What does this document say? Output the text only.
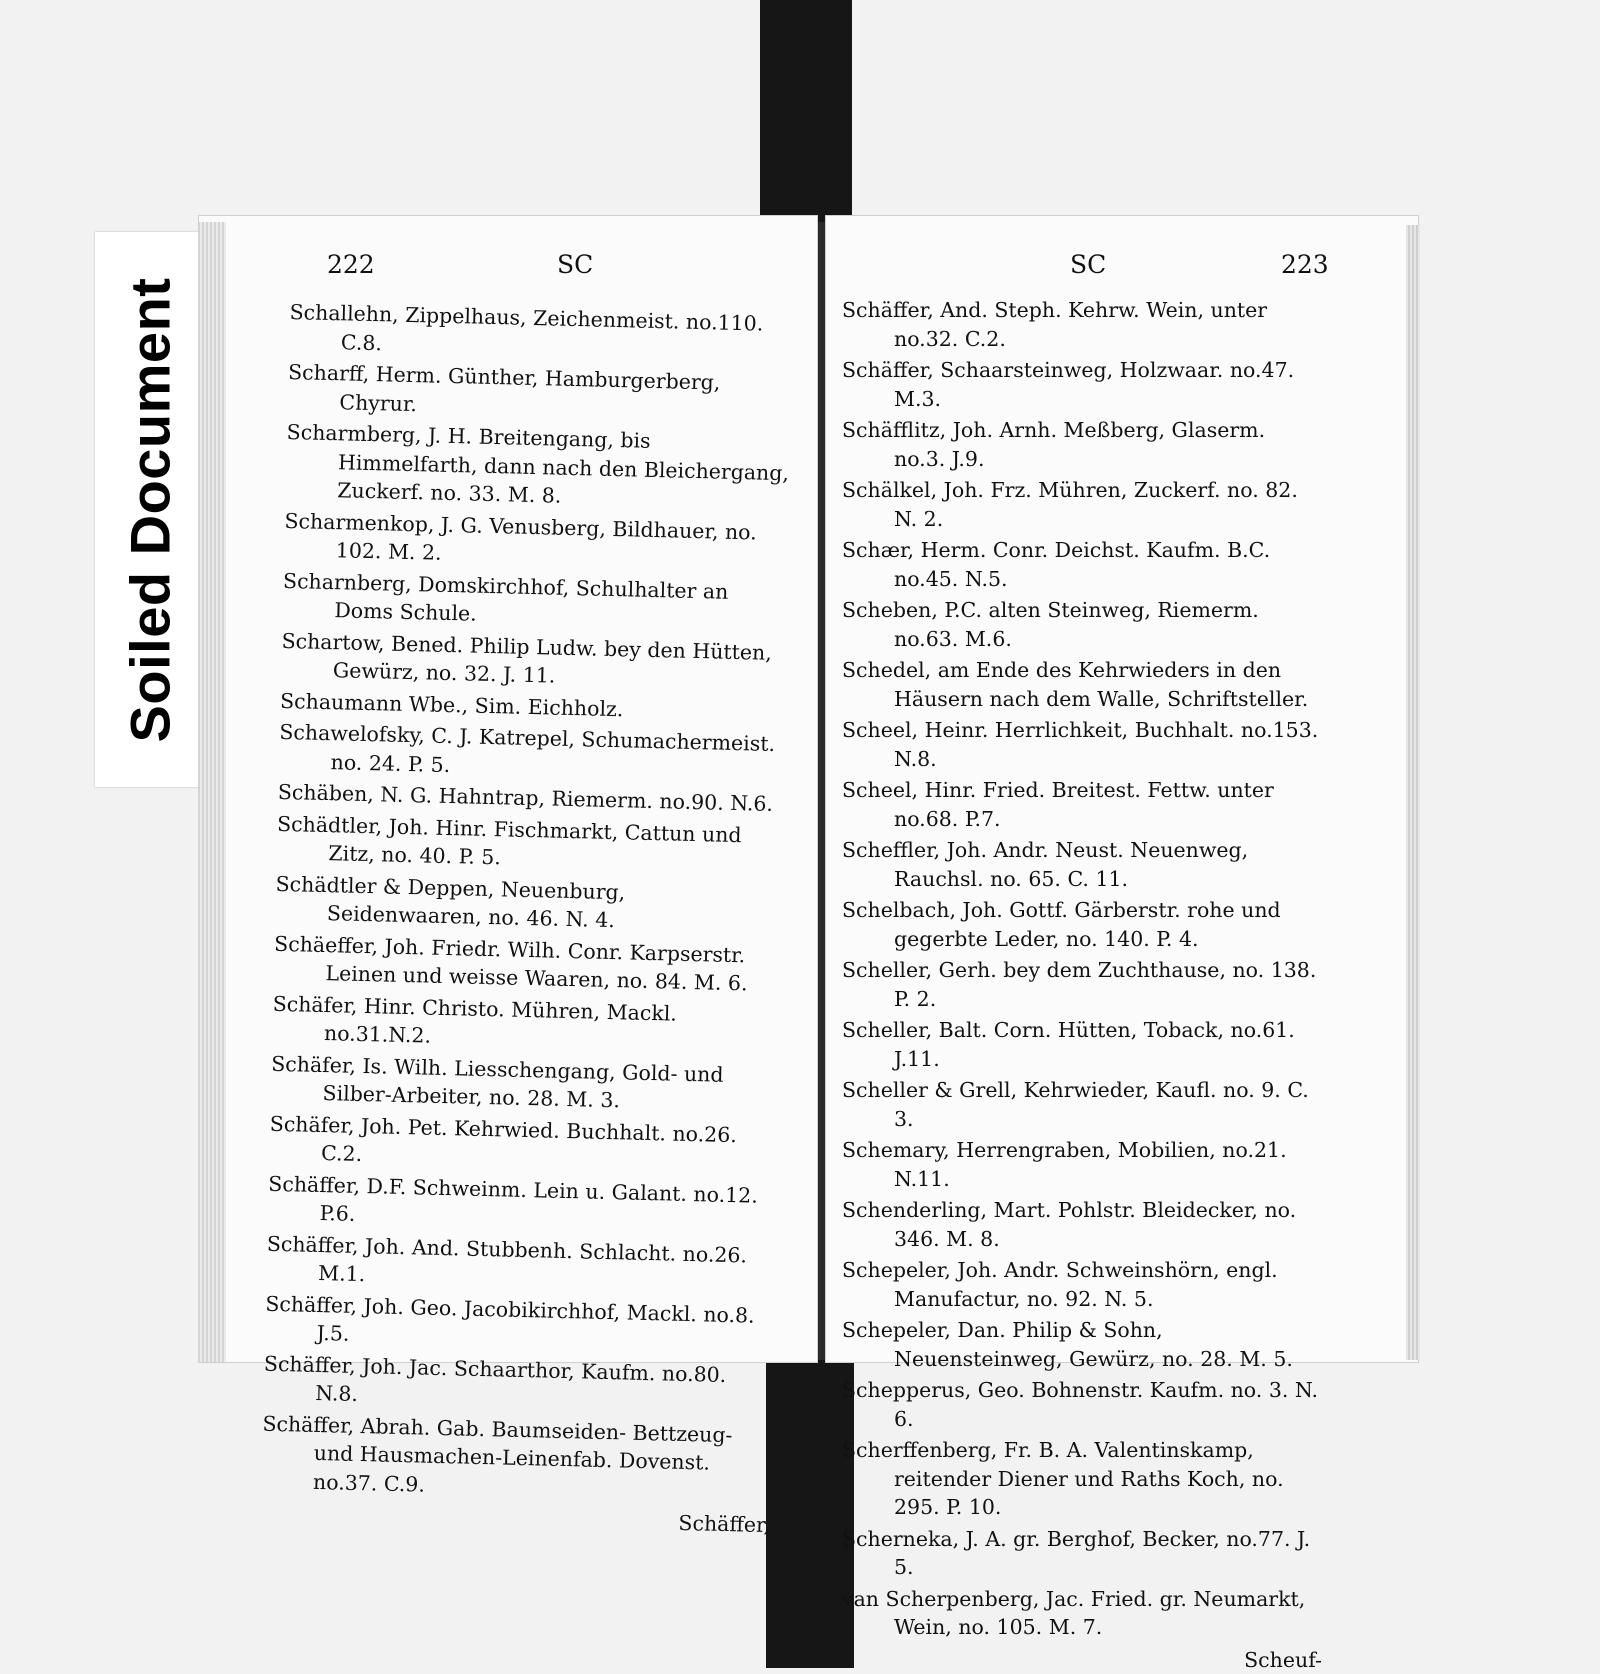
Soiled Document
222	SC	SC	223

Schallehn, Zippelhaus, Zeichenmeist. no.110. C.8.

Scharff, Herm. Günther, Hamburgerberg, Chyrur.

Scharmberg, J. H. Breitengang, bis Himmelfarth, dann nach den Bleichergang, Zuckerf. no. 33. M. 8.

Scharmenkop, J. G. Venusberg, Bildhauer, no. 102. M. 2.

Scharnberg, Domskirchhof, Schulhalter an Doms Schule.

Schartow, Bened. Philip Ludw. bey den Hütten, Gewürz, no. 32. J. 11.

Schaumann Wbe., Sim. Eichholz.

Schawelofsky, C. J. Katrepel, Schumachermeist. no. 24. P. 5.

Schäben, N. G. Hahntrap, Riemerm. no.90. N.6.

Schädtler, Joh. Hinr. Fischmarkt, Cattun und Zitz, no. 40. P. 5.

Schädtler & Deppen, Neuenburg, Seidenwaaren, no. 46. N. 4.

Schäeffer, Joh. Friedr. Wilh. Conr. Karpserstr. Leinen und weisse Waaren, no. 84. M. 6.

Schäfer, Hinr. Christo. Mühren, Mackl. no.31.N.2.

Schäfer, Is. Wilh. Liesschengang, Gold- und Silber-Arbeiter, no. 28. M. 3.

Schäfer, Joh. Pet. Kehrwied. Buchhalt. no.26. C.2.

Schäffer, D.F. Schweinm. Lein u. Galant. no.12. P.6.

Schäffer, Joh. And. Stubbenh. Schlacht. no.26. M.1.

Schäffer, Joh. Geo. Jacobikirchhof, Mackl. no.8. J.5.

Schäffer, Joh. Jac. Schaarthor, Kaufm. no.80. N.8.

Schäffer, Abrah. Gab. Baumseiden- Bettzeug- und Hausmachen-Leinenfab. Dovenst. no.37. C.9.

Schäffer,

Schäffer, And. Steph. Kehrw. Wein, unter no.32. C.2.

Schäffer, Schaarsteinweg, Holzwaar. no.47. M.3.

Schäfflitz, Joh. Arnh. Meßberg, Glaserm. no.3. J.9.

Schälkel, Joh. Frz. Mühren, Zuckerf. no. 82. N. 2.

Schær, Herm. Conr. Deichst. Kaufm. B.C. no.45. N.5.

Scheben, P.C. alten Steinweg, Riemerm. no.63. M.6.

Schedel, am Ende des Kehrwieders in den Häusern nach dem Walle, Schriftsteller.

Scheel, Heinr. Herrlichkeit, Buchhalt. no.153. N.8.

Scheel, Hinr. Fried. Breitest. Fettw. unter no.68. P.7.

Scheffler, Joh. Andr. Neust. Neuenweg, Rauchsl. no. 65. C. 11.

Schelbach, Joh. Gottf. Gärberstr. rohe und gegerbte Leder, no. 140. P. 4.

Scheller, Gerh. bey dem Zuchthause, no. 138. P. 2.

Scheller, Balt. Corn. Hütten, Toback, no.61. J.11.

Scheller & Grell, Kehrwieder, Kaufl. no. 9. C. 3.

Schemary, Herrengraben, Mobilien, no.21. N.11.

Schenderling, Mart. Pohlstr. Bleidecker, no. 346. M. 8.

Schepeler, Joh. Andr. Schweinshörn, engl. Manufactur, no. 92. N. 5.

Schepeler, Dan. Philip & Sohn, Neuensteinweg, Gewürz, no. 28. M. 5.

Schepperus, Geo. Bohnenstr. Kaufm. no. 3. N. 6.

Scherffenberg, Fr. B. A. Valentinskamp, reitender Diener und Raths Koch, no. 295. P. 10.

Scherneka, J. A. gr. Berghof, Becker, no.77. J. 5.

van Scherpenberg, Jac. Fried. gr. Neumarkt, Wein, no. 105. M. 7.

Scheuf-
